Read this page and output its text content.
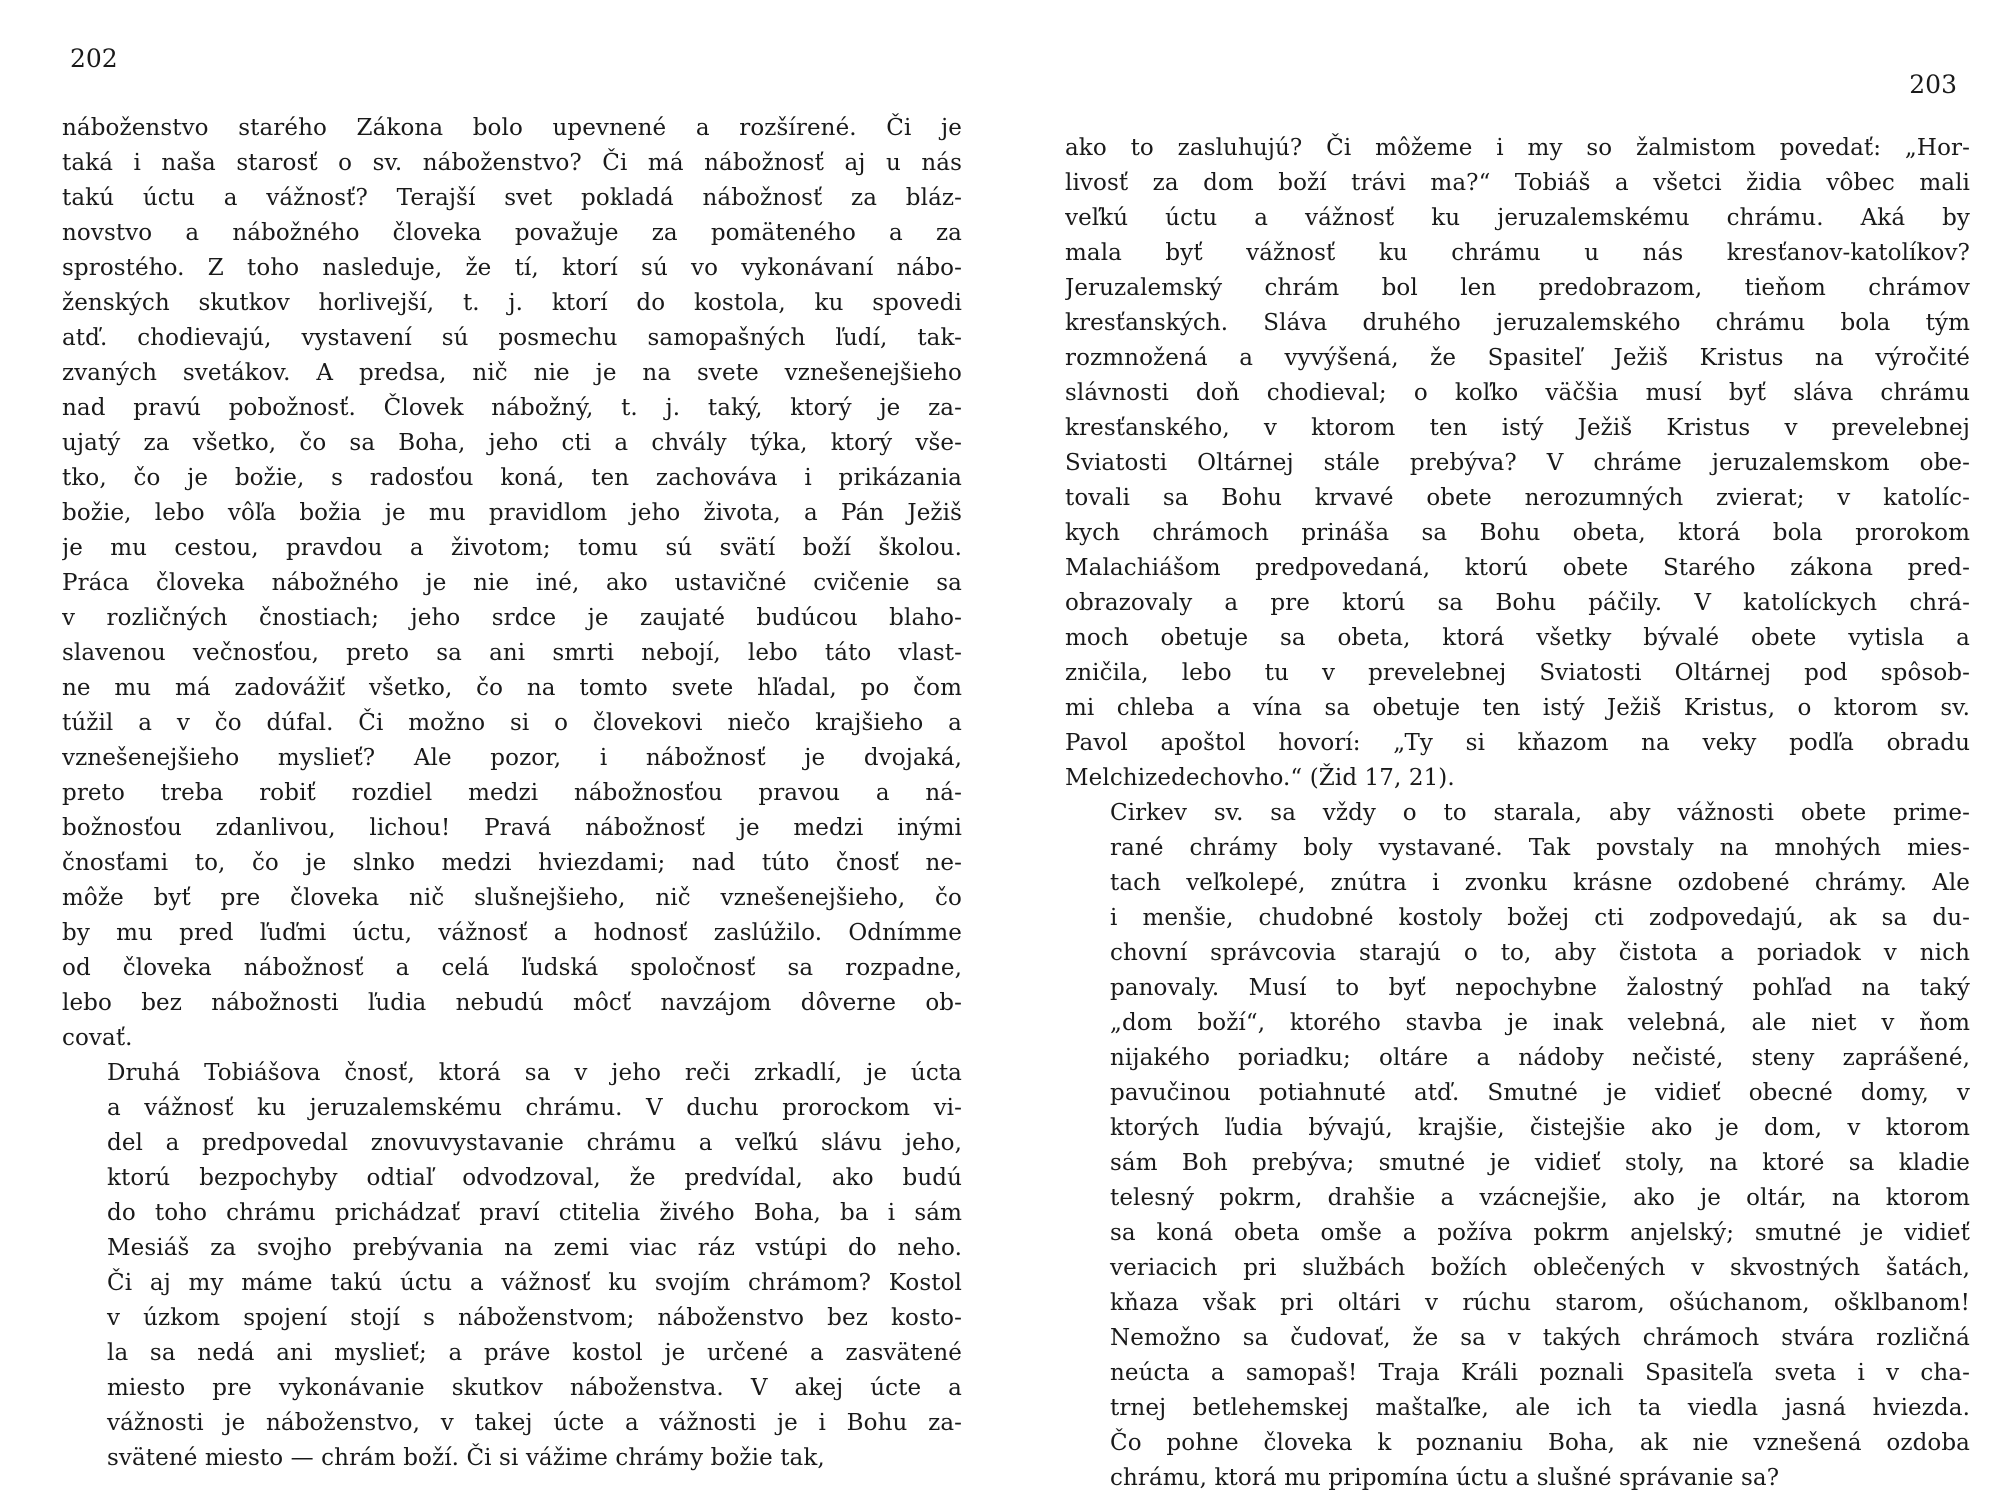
202
náboženstvo starého Zákona bolo upevnené a rozšírené. Či je
taká i naša starosť o sv. náboženstvo? Či má nábožnosť aj u nás
takú úctu a vážnosť? Terajší svet pokladá nábožnosť za bláz-
novstvo a nábožného človeka považuje za pomäteného a za
sprostého. Z toho nasleduje, že tí, ktorí sú vo vykonávaní nábo-
ženských skutkov horlivejší, t. j. ktorí do kostola, ku spovedi
atď. chodievajú, vystavení sú posmechu samopašných ľudí, tak-
zvaných svetákov. A predsa, nič nie je na svete vznešenejšieho
nad pravú pobožnosť. Človek nábožný, t. j. taký, ktorý je za-
ujatý za všetko, čo sa Boha, jeho cti a chvály týka, ktorý vše-
tko, čo je božie, s radosťou koná, ten zachováva i prikázania
božie, lebo vôľa božia je mu pravidlom jeho života, a Pán Ježiš
je mu cestou, pravdou a životom; tomu sú svätí boží školou.
Práca človeka nábožného je nie iné, ako ustavičné cvičenie sa
v rozličných čnostiach; jeho srdce je zaujaté budúcou blaho-
slavenou večnosťou, preto sa ani smrti nebojí, lebo táto vlast-
ne mu má zadovážiť všetko, čo na tomto svete hľadal, po čom
túžil a v čo dúfal. Či možno si o človekovi niečo krajšieho a
vznešenejšieho myslieť? Ale pozor, i nábožnosť je dvojaká,
preto treba robiť rozdiel medzi nábožnosťou pravou a ná-
božnosťou zdanlivou, lichou! Pravá nábožnosť je medzi inými
čnosťami to, čo je slnko medzi hviezdami; nad túto čnosť ne-
môže byť pre človeka nič slušnejšieho, nič vznešenejšieho, čo
by mu pred ľuďmi úctu, vážnosť a hodnosť zaslúžilo. Odnímme
od človeka nábožnosť a celá ľudská spoločnosť sa rozpadne,
lebo bez nábožnosti ľudia nebudú môcť navzájom dôverne ob-
covať.
Druhá Tobiášova čnosť, ktorá sa v jeho reči zrkadlí, je úcta
a vážnosť ku jeruzalemskému chrámu. V duchu prorockom vi-
del a predpovedal znovuvystavanie chrámu a veľkú slávu jeho,
ktorú bezpochyby odtiaľ odvodzoval, že predvídal, ako budú
do toho chrámu prichádzať praví ctitelia živého Boha, ba i sám
Mesiáš za svojho prebývania na zemi viac ráz vstúpi do neho.
Či aj my máme takú úctu a vážnosť ku svojím chrámom? Kostol
v úzkom spojení stojí s náboženstvom; náboženstvo bez kosto-
la sa nedá ani myslieť; a práve kostol je určené a zasvätené
miesto pre vykonávanie skutkov náboženstva. V akej úcte a
vážnosti je náboženstvo, v takej úcte a vážnosti je i Bohu za-
svätené miesto — chrám boží. Či si vážime chrámy božie tak,
203
ako to zasluhujú? Či môžeme i my so žalmistom povedať: „Hor-
livosť za dom boží trávi ma?“ Tobiáš a všetci židia vôbec mali
veľkú úctu a vážnosť ku jeruzalemskému chrámu. Aká by
mala byť vážnosť ku chrámu u nás kresťanov-katolíkov?
Jeruzalemský chrám bol len predobrazom, tieňom chrámov
kresťanských. Sláva druhého jeruzalemského chrámu bola tým
rozmnožená a vyvýšená, že Spasiteľ Ježiš Kristus na výročité
slávnosti doň chodieval; o koľko väčšia musí byť sláva chrámu
kresťanského, v ktorom ten istý Ježiš Kristus v prevelebnej
Sviatosti Oltárnej stále prebýva? V chráme jeruzalemskom obe-
tovali sa Bohu krvavé obete nerozumných zvierat; v katolíc-
kych chrámoch prináša sa Bohu obeta, ktorá bola prorokom
Malachiášom predpovedaná, ktorú obete Starého zákona pred-
obrazovaly a pre ktorú sa Bohu páčily. V katolíckych chrá-
moch obetuje sa obeta, ktorá všetky bývalé obete vytisla a
zničila, lebo tu v prevelebnej Sviatosti Oltárnej pod spôsob-
mi chleba a vína sa obetuje ten istý Ježiš Kristus, o ktorom sv.
Pavol apoštol hovorí: „Ty si kňazom na veky podľa obradu
Melchizedechovho.“ (Žid 17, 21).
Cirkev sv. sa vždy o to starala, aby vážnosti obete prime-
rané chrámy boly vystavané. Tak povstaly na mnohých mies-
tach veľkolepé, znútra i zvonku krásne ozdobené chrámy. Ale
i menšie, chudobné kostoly božej cti zodpovedajú, ak sa du-
chovní správcovia starajú o to, aby čistota a poriadok v nich
panovaly. Musí to byť nepochybne žalostný pohľad na taký
„dom boží“, ktorého stavba je inak velebná, ale niet v ňom
nijakého poriadku; oltáre a nádoby nečisté, steny zaprášené,
pavučinou potiahnuté atď. Smutné je vidieť obecné domy, v
ktorých ľudia bývajú, krajšie, čistejšie ako je dom, v ktorom
sám Boh prebýva; smutné je vidieť stoly, na ktoré sa kladie
telesný pokrm, drahšie a vzácnejšie, ako je oltár, na ktorom
sa koná obeta omše a požíva pokrm anjelský; smutné je vidieť
veriacich pri službách božích oblečených v skvostných šatách,
kňaza však pri oltári v rúchu starom, ošúchanom, ošklbanom!
Nemožno sa čudovať, že sa v takých chrámoch stvára rozličná
neúcta a samopaš! Traja Králi poznali Spasiteľa sveta i v cha-
trnej betlehemskej maštaľke, ale ich ta viedla jasná hviezda.
Čo pohne človeka k poznaniu Boha, ak nie vznešená ozdoba
chrámu, ktorá mu pripomína úctu a slušné správanie sa?
